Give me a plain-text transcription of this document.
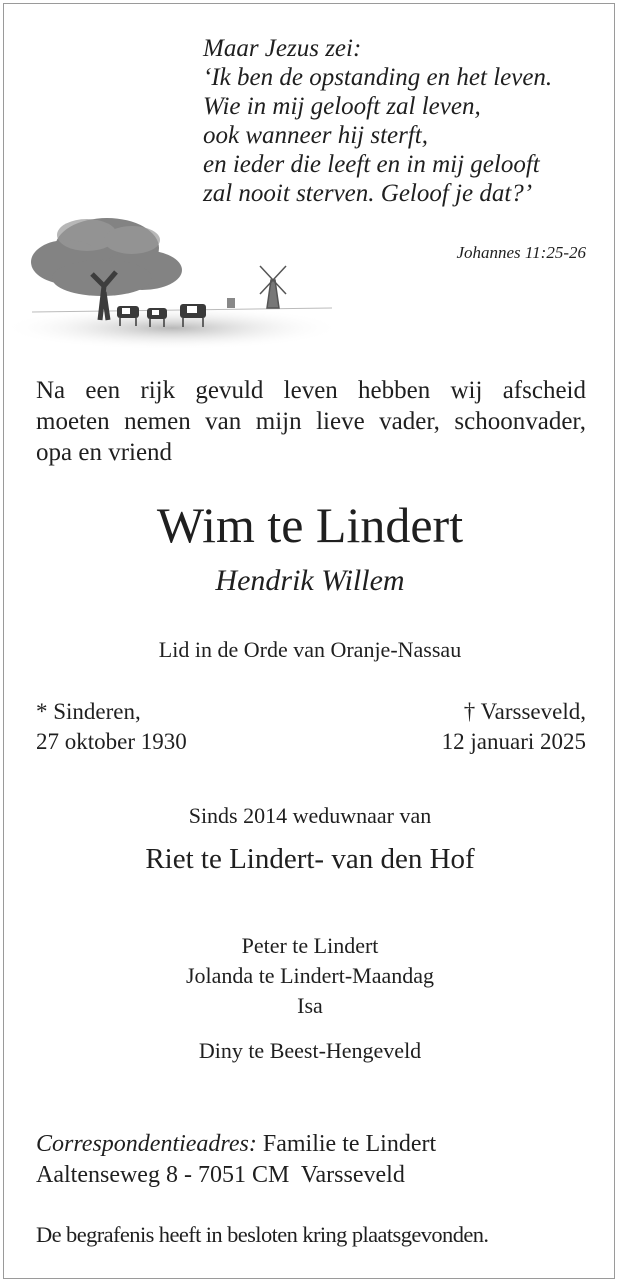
Maar Jezus zei:
‘Ik ben de opstanding en het leven.
Wie in mij gelooft zal leven,
ook wanneer hij sterft,
en ieder die leeft en in mij gelooft
zal nooit sterven. Geloof je dat?’
Johannes 11:25-26
Na een rijk gevuld leven hebben wij afscheid
moeten nemen van mijn lieve vader, schoonvader,
opa en vriend
Wim te Lindert
Hendrik Willem
Lid in de Orde van Oranje-Nassau
* Sinderen,
27 oktober 1930
† Varsseveld,
12 januari 2025
Sinds 2014 weduwnaar van
Riet te Lindert- van den Hof
Peter te Lindert
Jolanda te Lindert-Maandag
Isa
Diny te Beest-Hengeveld
Correspondentieadres: Familie te Lindert
Aaltenseweg 8 - 7051 CM  Varsseveld
De begrafenis heeft in besloten kring plaatsgevonden.
